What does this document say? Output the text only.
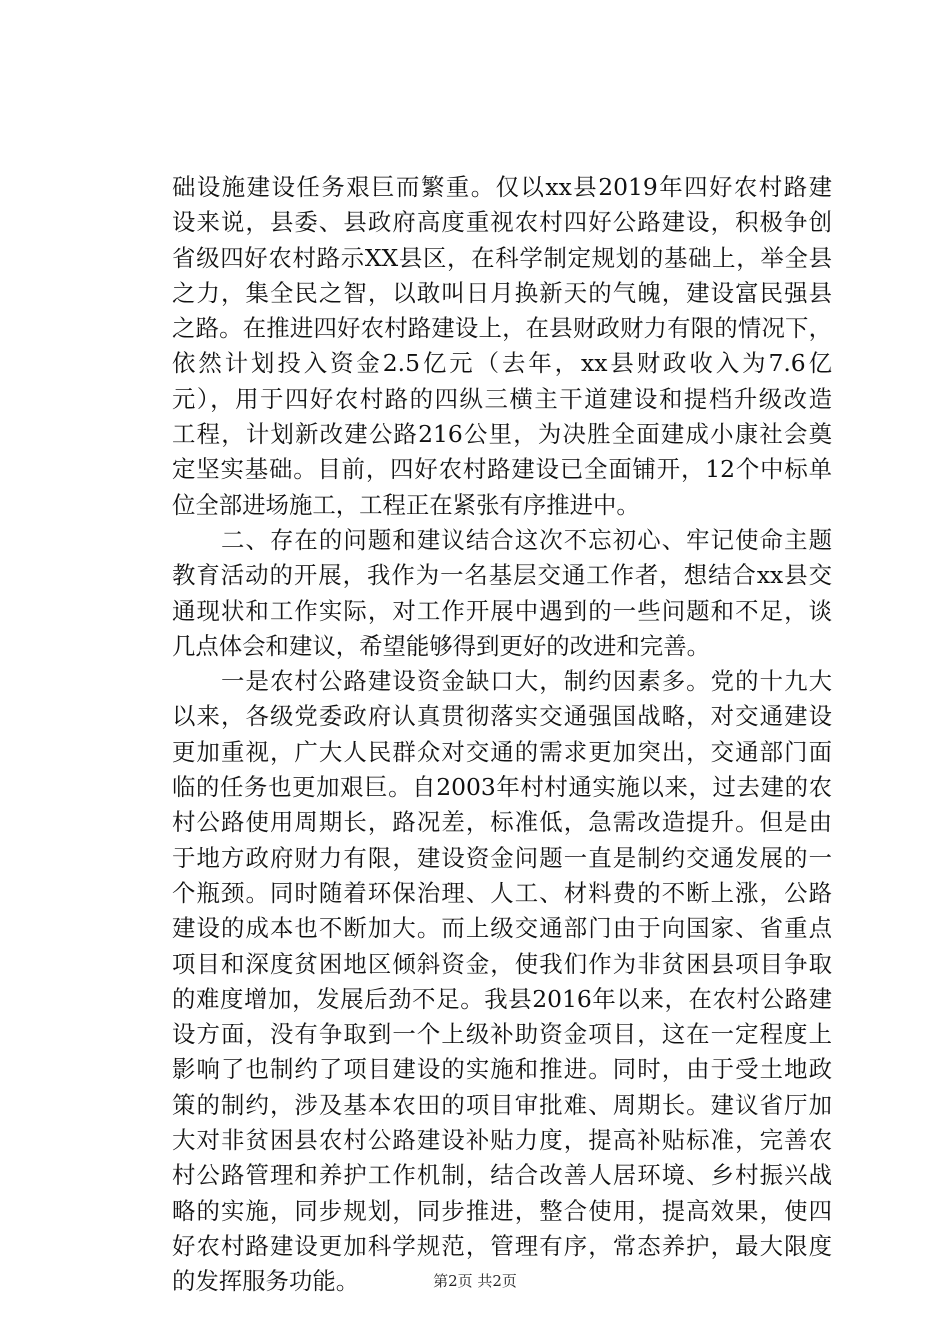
础设施建设任务艰巨而繁重。仅以xx县2019年四好农村路建
设来说，县委、县政府高度重视农村四好公路建设，积极争创
省级四好农村路示XX县区，在科学制定规划的基础上，举全县
之力，集全民之智，以敢叫日月换新天的气魄，建设富民强县
之路。在推进四好农村路建设上，在县财政财力有限的情况下，
依然计划投入资金2.5亿元（去年，xx县财政收入为7.6亿
元），用于四好农村路的四纵三横主干道建设和提档升级改造
工程，计划新改建公路216公里，为决胜全面建成小康社会奠
定坚实基础。目前，四好农村路建设已全面铺开，12个中标单
位全部进场施工，工程正在紧张有序推进中。
　　二、存在的问题和建议结合这次不忘初心、牢记使命主题
教育活动的开展，我作为一名基层交通工作者，想结合xx县交
通现状和工作实际，对工作开展中遇到的一些问题和不足，谈
几点体会和建议，希望能够得到更好的改进和完善。
　　一是农村公路建设资金缺口大，制约因素多。党的十九大
以来，各级党委政府认真贯彻落实交通强国战略，对交通建设
更加重视，广大人民群众对交通的需求更加突出，交通部门面
临的任务也更加艰巨。自2003年村村通实施以来，过去建的农
村公路使用周期长，路况差，标准低，急需改造提升。但是由
于地方政府财力有限，建设资金问题一直是制约交通发展的一
个瓶颈。同时随着环保治理、人工、材料费的不断上涨，公路
建设的成本也不断加大。而上级交通部门由于向国家、省重点
项目和深度贫困地区倾斜资金，使我们作为非贫困县项目争取
的难度增加，发展后劲不足。我县2016年以来，在农村公路建
设方面，没有争取到一个上级补助资金项目，这在一定程度上
影响了也制约了项目建设的实施和推进。同时，由于受土地政
策的制约，涉及基本农田的项目审批难、周期长。建议省厅加
大对非贫困县农村公路建设补贴力度，提高补贴标准，完善农
村公路管理和养护工作机制，结合改善人居环境、乡村振兴战
略的实施，同步规划，同步推进，整合使用，提高效果，使四
好农村路建设更加科学规范，管理有序，常态养护，最大限度
的发挥服务功能。	第2页 共2页
